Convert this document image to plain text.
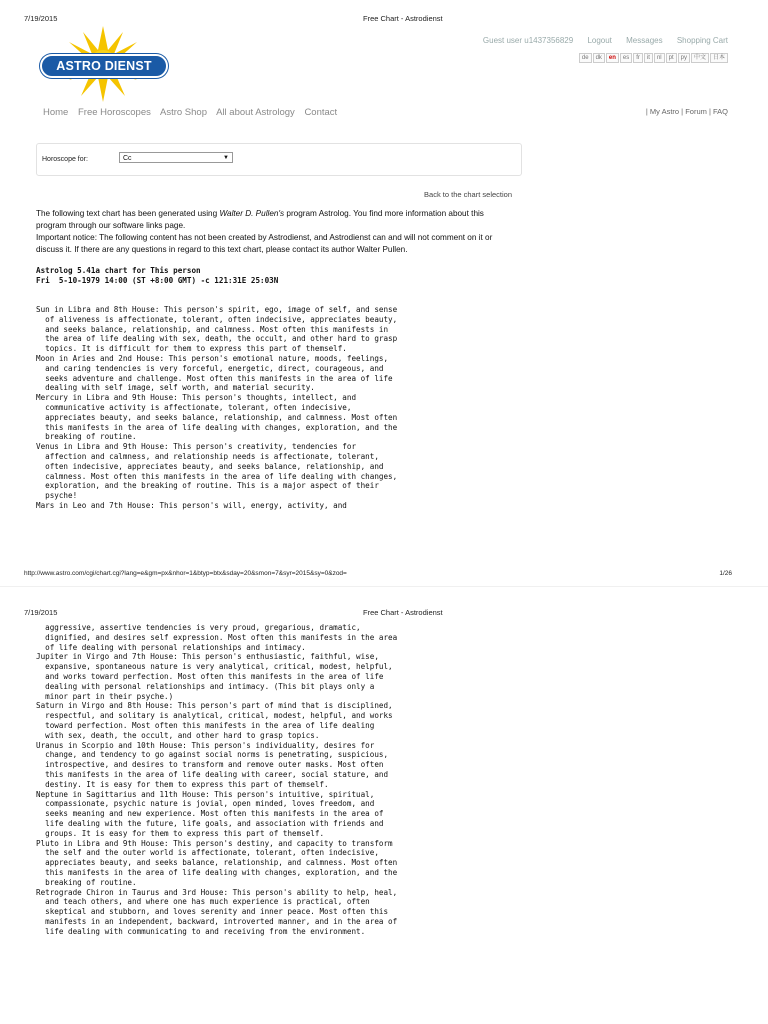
7/19/2015	Free Chart - Astrodienst
ASTRO DIENST
Guest user u1437356829 Logout Messages Shopping Cart
de	dk	en	es	fr	it	nl	pt	py	中文	日本
Home Free Horoscopes Astro Shop All about Astrology Contact	| My Astro | Forum | FAQ
Horoscope for:	Cc	▼
Back to the chart selection
The following text chart has been generated using Walter D. Pullen's program Astrolog. You find more information about this program through our software links page.
Important notice: The following content has not been created by Astrodienst, and Astrodienst can and will not comment on it or discuss it. If there are any questions in regard to this text chart, please contact its author Walter Pullen.
Astrolog 5.41a chart for This person
Fri  5-10-1979 14:00 (ST +8:00 GMT) -c 121:31E 25:03N
Sun in Libra and 8th House: This person's spirit, ego, image of self, and sense
of aliveness is affectionate, tolerant, often indecisive, appreciates beauty,
and seeks balance, relationship, and calmness. Most often this manifests in
the area of life dealing with sex, death, the occult, and other hard to grasp
topics. It is difficult for them to express this part of themself.
Moon in Aries and 2nd House: This person's emotional nature, moods, feelings,
and caring tendencies is very forceful, energetic, direct, courageous, and
seeks adventure and challenge. Most often this manifests in the area of life
dealing with self image, self worth, and material security.
Mercury in Libra and 9th House: This person's thoughts, intellect, and
communicative activity is affectionate, tolerant, often indecisive,
appreciates beauty, and seeks balance, relationship, and calmness. Most often
this manifests in the area of life dealing with changes, exploration, and the
breaking of routine.
Venus in Libra and 9th House: This person's creativity, tendencies for
affection and calmness, and relationship needs is affectionate, tolerant,
often indecisive, appreciates beauty, and seeks balance, relationship, and
calmness. Most often this manifests in the area of life dealing with changes,
exploration, and the breaking of routine. This is a major aspect of their
psyche!
Mars in Leo and 7th House: This person's will, energy, activity, and
http://www.astro.com/cgi/chart.cgi?lang=e&gm=px&nhor=1&btyp=btx&sday=20&smon=7&syr=2015&sy=0&zod=	1/26
7/19/2015	Free Chart - Astrodienst
aggressive, assertive tendencies is very proud, gregarious, dramatic,
dignified, and desires self expression. Most often this manifests in the area
of life dealing with personal relationships and intimacy.
Jupiter in Virgo and 7th House: This person's enthusiastic, faithful, wise,
expansive, spontaneous nature is very analytical, critical, modest, helpful,
and works toward perfection. Most often this manifests in the area of life
dealing with personal relationships and intimacy. (This bit plays only a
minor part in their psyche.)
Saturn in Virgo and 8th House: This person's part of mind that is disciplined,
respectful, and solitary is analytical, critical, modest, helpful, and works
toward perfection. Most often this manifests in the area of life dealing
with sex, death, the occult, and other hard to grasp topics.
Uranus in Scorpio and 10th House: This person's individuality, desires for
change, and tendency to go against social norms is penetrating, suspicious,
introspective, and desires to transform and remove outer masks. Most often
this manifests in the area of life dealing with career, social stature, and
destiny. It is easy for them to express this part of themself.
Neptune in Sagittarius and 11th House: This person's intuitive, spiritual,
compassionate, psychic nature is jovial, open minded, loves freedom, and
seeks meaning and new experience. Most often this manifests in the area of
life dealing with the future, life goals, and association with friends and
groups. It is easy for them to express this part of themself.
Pluto in Libra and 9th House: This person's destiny, and capacity to transform
the self and the outer world is affectionate, tolerant, often indecisive,
appreciates beauty, and seeks balance, relationship, and calmness. Most often
this manifests in the area of life dealing with changes, exploration, and the
breaking of routine.
Retrograde Chiron in Taurus and 3rd House: This person's ability to help, heal,
and teach others, and where one has much experience is practical, often
skeptical and stubborn, and loves serenity and inner peace. Most often this
manifests in an independent, backward, introverted manner, and in the area of
life dealing with communicating to and receiving from the environment.
